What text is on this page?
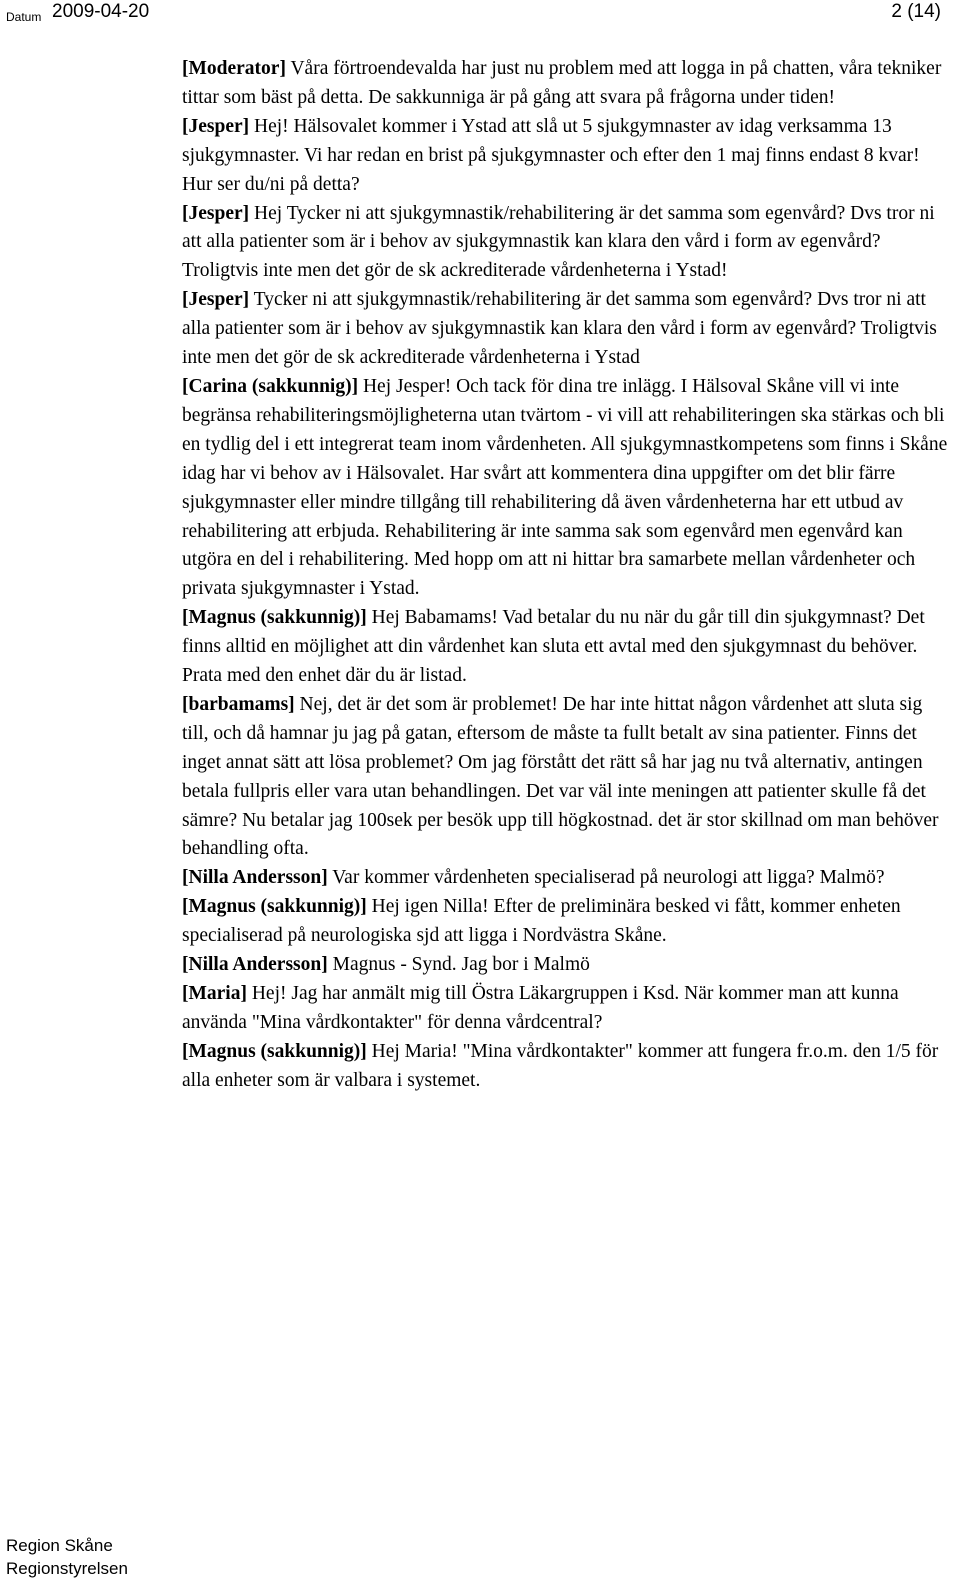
Datum 2009-04-20	2 (14)

[Moderator] Våra förtroendevalda har just nu problem med att logga in på chatten, våra tekniker tittar som bäst på detta. De sakkunniga är på gång att svara på frågorna under tiden!

[Jesper] Hej! Hälsovalet kommer i Ystad att slå ut 5 sjukgymnaster av idag verksamma 13 sjukgymnaster. Vi har redan en brist på sjukgymnaster och efter den 1 maj finns endast 8 kvar! Hur ser du/ni på detta?

[Jesper] Hej Tycker ni att sjukgymnastik/rehabilitering är det samma som egenvård? Dvs tror ni att alla patienter som är i behov av sjukgymnastik kan klara den vård i form av egenvård? Troligtvis inte men det gör de sk ackrediterade vårdenheterna i Ystad!

[Jesper] Tycker ni att sjukgymnastik/rehabilitering är det samma som egenvård? Dvs tror ni att alla patienter som är i behov av sjukgymnastik kan klara den vård i form av egenvård? Troligtvis inte men det gör de sk ackrediterade vårdenheterna i Ystad

[Carina (sakkunnig)] Hej Jesper! Och tack för dina tre inlägg. I Hälsoval Skåne vill vi inte begränsa rehabiliteringsmöjligheterna utan tvärtom - vi vill att rehabiliteringen ska stärkas och bli en tydlig del i ett integrerat team inom vårdenheten. All sjukgymnastkompetens som finns i Skåne idag har vi behov av i Hälsovalet. Har svårt att kommentera dina uppgifter om det blir färre sjukgymnaster eller mindre tillgång till rehabilitering då även vårdenheterna har ett utbud av rehabilitering att erbjuda. Rehabilitering är inte samma sak som egenvård men egenvård kan utgöra en del i rehabilitering. Med hopp om att ni hittar bra samarbete mellan vårdenheter och privata sjukgymnaster i Ystad.

[Magnus (sakkunnig)] Hej Babamams! Vad betalar du nu när du går till din sjukgymnast? Det finns alltid en möjlighet att din vårdenhet kan sluta ett avtal med den sjukgymnast du behöver. Prata med den enhet där du är listad.

[barbamams] Nej, det är det som är problemet! De har inte hittat någon vårdenhet att sluta sig till, och då hamnar ju jag på gatan, eftersom de måste ta fullt betalt av sina patienter. Finns det inget annat sätt att lösa problemet? Om jag förstått det rätt så har jag nu två alternativ, antingen betala fullpris eller vara utan behandlingen. Det var väl inte meningen att patienter skulle få det sämre? Nu betalar jag 100sek per besök upp till högkostnad. det är stor skillnad om man behöver behandling ofta.

[Nilla Andersson] Var kommer vårdenheten specialiserad på neurologi att ligga? Malmö?

[Magnus (sakkunnig)] Hej igen Nilla! Efter de preliminära besked vi fått, kommer enheten specialiserad på neurologiska sjd att ligga i Nordvästra Skåne.

[Nilla Andersson] Magnus - Synd. Jag bor i Malmö

[Maria] Hej! Jag har anmält mig till Östra Läkargruppen i Ksd. När kommer man att kunna använda "Mina vårdkontakter" för denna vårdcentral?

[Magnus (sakkunnig)] Hej Maria! "Mina vårdkontakter" kommer att fungera fr.o.m. den 1/5 för alla enheter som är valbara i systemet.

Region Skåne
Regionstyrelsen
